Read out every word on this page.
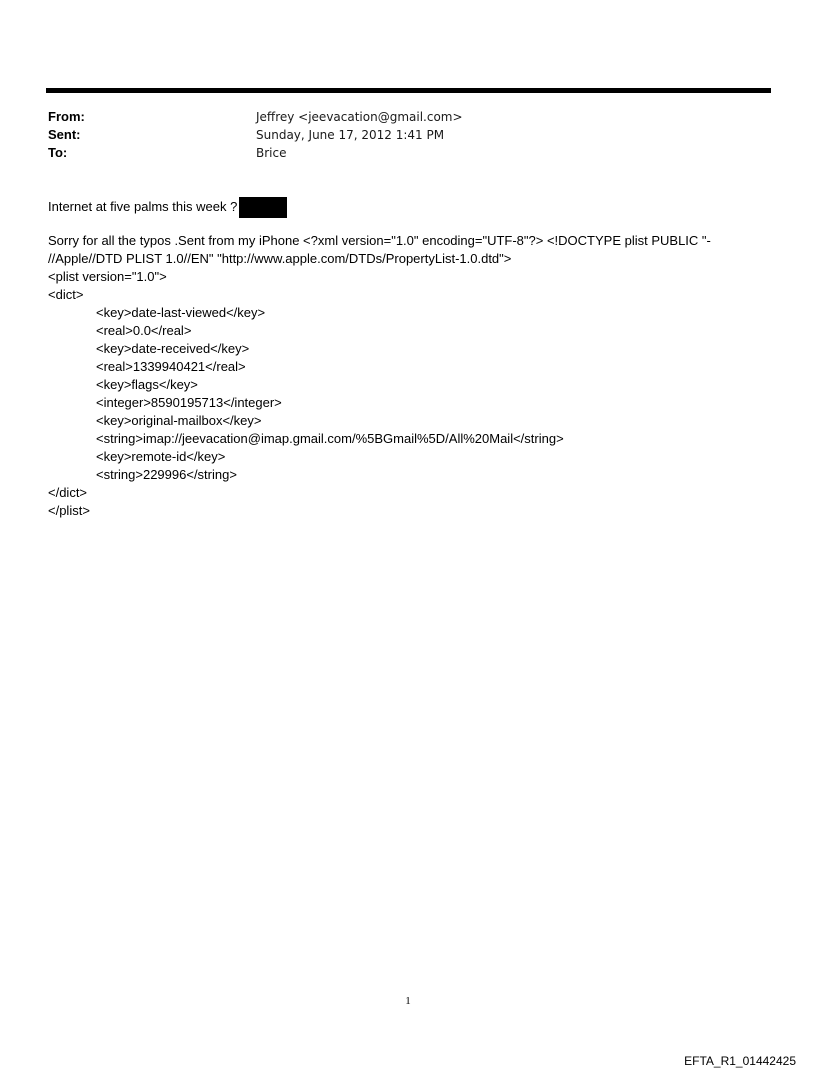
From:	Jeffrey <jeevacation@gmail.com>
Sent:	Sunday, June 17, 2012 1:41 PM
To:	Brice
Internet at five palms this week ?
Sorry for all the typos .Sent from my iPhone <?xml version="1.0" encoding="UTF-8"?> <!DOCTYPE plist PUBLIC "-
//Apple//DTD PLIST 1.0//EN" "http://www.apple.com/DTDs/PropertyList-1.0.dtd">
<plist version="1.0">
<dict>
<key>date-last-viewed</key>
<real>0.0</real>
<key>date-received</key>
<real>1339940421</real>
<key>flags</key>
<integer>8590195713</integer>
<key>original-mailbox</key>
<string>imap://jeevacation@imap.gmail.com/%5BGmail%5D/All%20Mail</string>
<key>remote-id</key>
<string>229996</string>
</dict>
</plist>
1
EFTA_R1_01442425
